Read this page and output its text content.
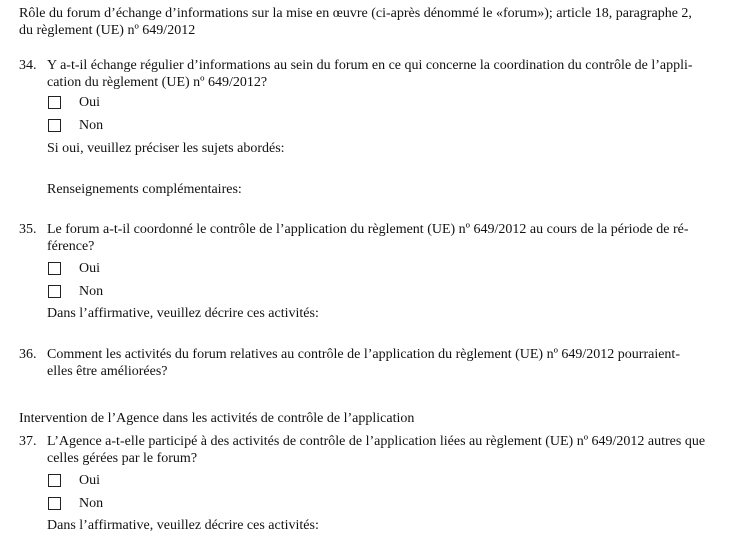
Rôle du forum d’échange d’informations sur la mise en œuvre (ci-après dénommé le «forum»); article 18, paragraphe 2,
du règlement (UE) nº 649/2012
34. Y a-t-il échange régulier d’informations au sein du forum en ce qui concerne la coordination du contrôle de l’appli-
cation du règlement (UE) nº 649/2012?
Oui
Non
Si oui, veuillez préciser les sujets abordés:
Renseignements complémentaires:
35. Le forum a-t-il coordonné le contrôle de l’application du règlement (UE) nº 649/2012 au cours de la période de ré-
férence?
Oui
Non
Dans l’affirmative, veuillez décrire ces activités:
36. Comment les activités du forum relatives au contrôle de l’application du règlement (UE) nº 649/2012 pourraient-
elles être améliorées?
Intervention de l’Agence dans les activités de contrôle de l’application
37. L’Agence a-t-elle participé à des activités de contrôle de l’application liées au règlement (UE) nº 649/2012 autres que
celles gérées par le forum?
Oui
Non
Dans l’affirmative, veuillez décrire ces activités:
